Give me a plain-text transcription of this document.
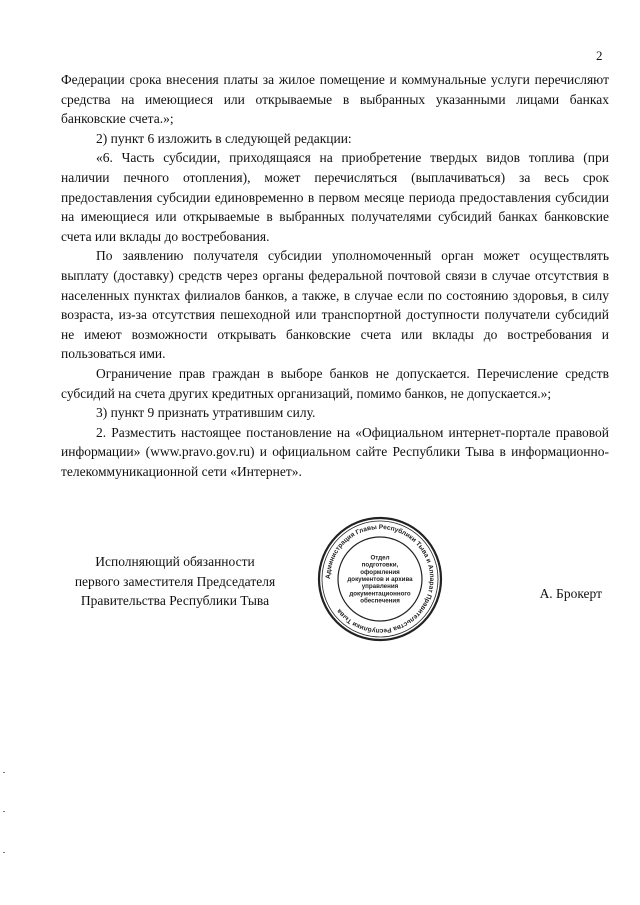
2

Федерации срока внесения платы за жилое помещение и коммунальные услуги перечисляют средства на имеющиеся или открываемые в выбранных указанными лицами банках банковские счета.»;

2) пункт 6 изложить в следующей редакции:

«6. Часть субсидии, приходящаяся на приобретение твердых видов топлива (при наличии печного отопления), может перечисляться (выплачиваться) за весь срок предоставления субсидии единовременно в первом месяце периода предоставления субсидии на имеющиеся или открываемые в выбранных получателями субсидий банках банковские счета или вклады до востребования.

По заявлению получателя субсидии уполномоченный орган может осуществлять выплату (доставку) средств через органы федеральной почтовой связи в случае отсутствия в населенных пунктах филиалов банков, а также, в случае если по состоянию здоровья, в силу возраста, из-за отсутствия пешеходной или транспортной доступности получатели субсидий не имеют возможности открывать банковские счета или вклады до востребования и пользоваться ими.

Ограничение прав граждан в выборе банков не допускается. Перечисление средств субсидий на счета других кредитных организаций, помимо банков, не допускается.»;

3) пункт 9 признать утратившим силу.

2. Разместить настоящее постановление на «Официальном интернет-портале правовой информации» (www.pravo.gov.ru) и официальном сайте Республики Тыва в информационно-телекоммуникационной сети «Интернет».

Исполняющий обязанности
первого заместителя Председателя
Правительства Республики Тыва
Администрация Главы Республики Тыва и Аппарат Правительства Республики Тыва
Отдел
подготовки,
оформления
документов и архива
управления
документационного
обеспечения
А. Брокерт
